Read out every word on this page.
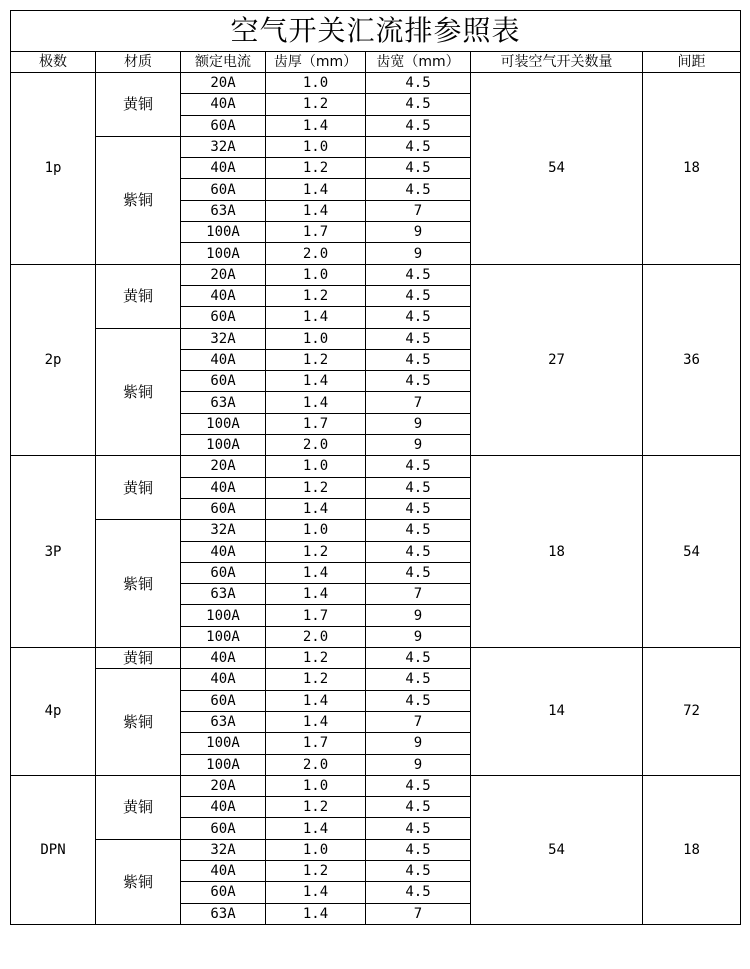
空气开关汇流排参照表						
极数	材质	额定电流	齿厚（mm）	齿宽（mm）	可装空气开关数量	间距
1p	黄铜	20A	1.0	4.5	54	18
		40A	1.2	4.5		
		60A	1.4	4.5		
	紫铜	32A	1.0	4.5		
		40A	1.2	4.5		
		60A	1.4	4.5		
		63A	1.4	7		
		100A	1.7	9		
		100A	2.0	9		
2p	黄铜	20A	1.0	4.5	27	36
		40A	1.2	4.5		
		60A	1.4	4.5		
	紫铜	32A	1.0	4.5		
		40A	1.2	4.5		
		60A	1.4	4.5		
		63A	1.4	7		
		100A	1.7	9		
		100A	2.0	9		
3P	黄铜	20A	1.0	4.5	18	54
		40A	1.2	4.5		
		60A	1.4	4.5		
	紫铜	32A	1.0	4.5		
		40A	1.2	4.5		
		60A	1.4	4.5		
		63A	1.4	7		
		100A	1.7	9		
		100A	2.0	9		
4p	黄铜	40A	1.2	4.5	14	72
	紫铜	40A	1.2	4.5		
		60A	1.4	4.5		
		63A	1.4	7		
		100A	1.7	9		
		100A	2.0	9		
DPN	黄铜	20A	1.0	4.5	54	18
		40A	1.2	4.5		
		60A	1.4	4.5		
	紫铜	32A	1.0	4.5		
		40A	1.2	4.5		
		60A	1.4	4.5		
		63A	1.4	7		
